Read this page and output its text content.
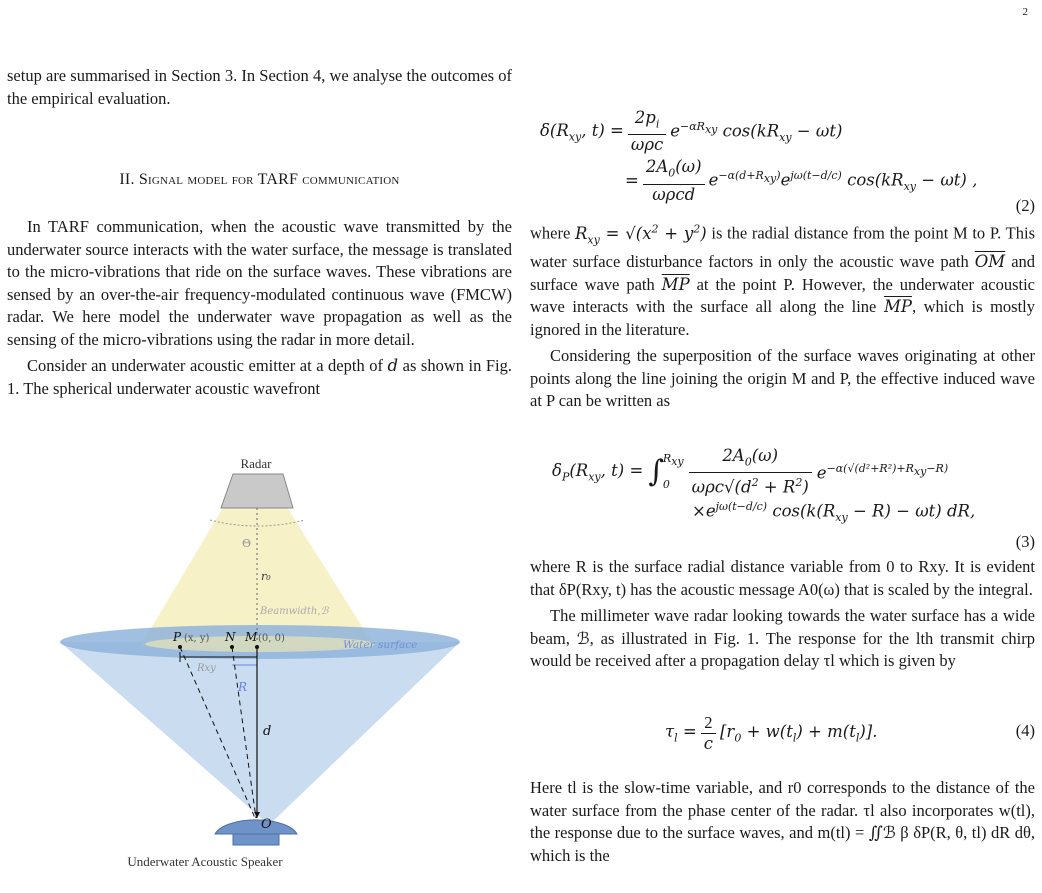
2

setup are summarised in Section 3. In Section 4, we analyse the outcomes of the empirical evaluation.

II. Signal model for TARF communication

In TARF communication, when the acoustic wave transmitted by the underwater source interacts with the water surface, the message is translated to the micro-vibrations that ride on the surface waves. These vibrations are sensed by an over-the-air frequency-modulated continuous wave (FMCW) radar. We here model the underwater wave propagation as well as the sensing of the micro-vibrations using the radar in more detail.

Consider an underwater acoustic emitter at a depth of d as shown in Fig. 1. The spherical underwater acoustic wavefront

Radar
Θ
r₀
Beamwidth,ℬ
Water surface
P (x, y) N M (0, 0)
Rxy
R
d
O
Underwater Acoustic Speaker
$\delta(R_{xy}$, $t) = \frac{2p_i}{\text{ωρc}} e^{-\alpha R_{xy}}$ $\cos(kR_{xy} - \omega t)$
= $\frac{2A_0(\omega)}{\text{ωρcd}} e^{-\alpha(d+R_{xy})}e^{j\omega(t-d/c)}$ $\cos(kR_{xy} - \omega t)$ ,
(2)

where $R_{xy} = √(x^2 + y^2)$ is the radial distance from the point M to P. This water surface disturbance factors in only the acoustic wave path $\overline{OM}$ and surface wave path $\overline{MP}$ at the point P. However, the underwater acoustic wave interacts with the surface all along the line $\overline{MP}$, which is mostly ignored in the literature.

Considering the superposition of the surface waves originating at other points along the line joining the origin M and P, the effective induced wave at P can be written as

$\delta_P(R_{xy}$, t) = ∫ $R_{xy}$
0	$\frac{2A_0(\omega)}{\omega\rho c√(d^2 + R^2)} e^{-\alpha(√(d^2+R^2)+R_{xy}-R)}$
$\times e^{j\omega(t-d/c)}$ $\cos(k(R_{xy} - R) - \omega t)$ dR,
(3)

where R is the surface radial distance variable from 0 to Rxy. It is evident that δP(Rxy, t) has the acoustic message A0(ω) that is scaled by the integral.

The millimeter wave radar looking towards the water surface has a wide beam, ℬ, as illustrated in Fig. 1. The response for the lth transmit chirp would be received after a propagation delay τl which is given by

$\tau_l = \frac{2}{c} [r_0 + w(t_l) + m(t_l)]$.	(4)

Here tl is the slow-time variable, and r0 corresponds to the distance of the water surface from the phase center of the radar. τl also incorporates w(tl), the response due to the surface waves, and m(tl) = ∬ℬ β δP(R, θ, tl) dR dθ, which is the
